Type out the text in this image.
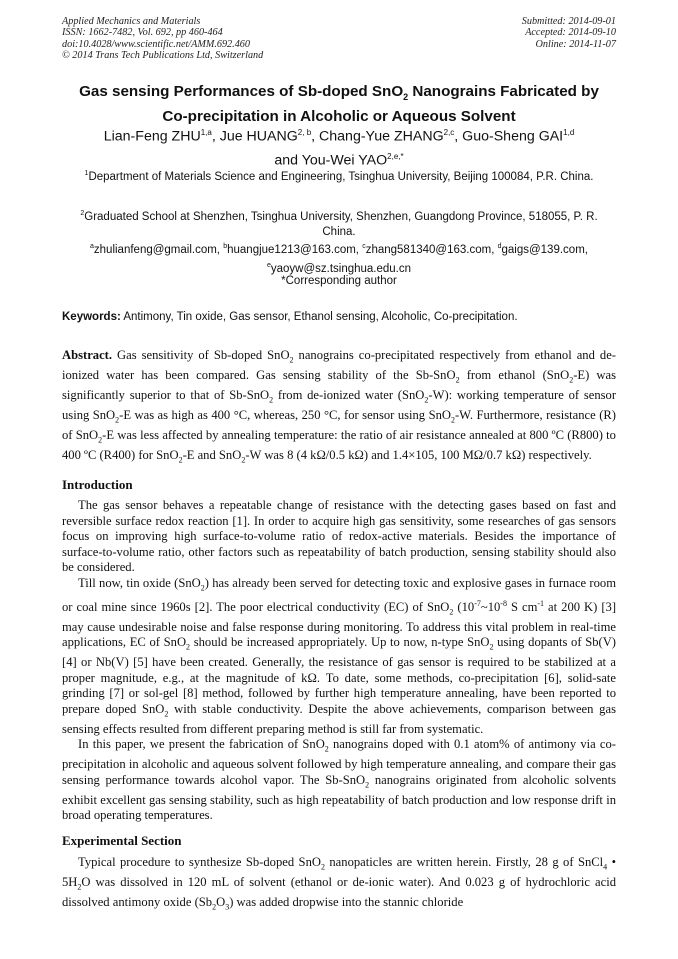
Applied Mechanics and Materials
ISSN: 1662-7482, Vol. 692, pp 460-464
doi:10.4028/www.scientific.net/AMM.692.460
© 2014 Trans Tech Publications Ltd, Switzerland
Submitted: 2014-09-01
Accepted: 2014-09-10
Online: 2014-11-07
Gas sensing Performances of Sb-doped SnO$_2$ Nanograins Fabricated by
Co-precipitation in Alcoholic or Aqueous Solvent
Lian-Feng ZHU$^{1,a}$, Jue HUANG$^{2, b}$, Chang-Yue ZHANG$^{2,c}$, Guo-Sheng GAI$^{1,d}$
and You-Wei $YAO^{2,e,*}$
$^1$Department of Materials Science and Engineering, Tsinghua University, Beijing 100084, P.R. China.
$^2$Graduated School at Shenzhen, Tsinghua University, Shenzhen, Guangdong Province, 518055, P. R. China.
$^a$zhulianfeng@gmail.com, $^b$huangjue1213@163.com, $^c$zhang581340@163.com, $^d$gaigs@139.com,
$^e$yaoyw@sz.tsinghua.edu.cn
*Corresponding author
Keywords: Antimony, Tin oxide, Gas sensor, Ethanol sensing, Alcoholic, Co-precipitation.

Abstract. Gas sensitivity of Sb-doped SnO$_2$ nanograins co-precipitated respectively from ethanol and de-ionized water has been compared. Gas sensing stability of the Sb-SnO$_2$ from ethanol (SnO$_2$-E) was significantly superior to that of Sb-SnO$_2$ from de-ionized water (SnO$_2$-W): working temperature of sensor using SnO$_2$-E was as high as 400 °C, whereas, 250 °C, for sensor using SnO$_2$-W. Furthermore, resistance (R) of SnO$_2$-E was less affected by annealing temperature: the ratio of air resistance annealed at 800 ºC (R800) to 400 ºC (R400) for SnO$_2$-E and SnO$_2$-W was 8 (4 kΩ/0.5 kΩ) and 1.4×105, 100 MΩ/0.7 kΩ) respectively.

Introduction

The gas sensor behaves a repeatable change of resistance with the detecting gases based on fast and reversible surface redox reaction [1]. In order to acquire high gas sensitivity, some researches of gas sensors focus on improving high surface-to-volume ratio of redox-active materials. Besides the importance of surface-to-volume ratio, other factors such as repeatability of batch production, sensing stability should also be considered.

Till now, tin oxide (SnO$_2$) has already been served for detecting toxic and explosive gases in furnace room or coal mine since 1960s [2]. The poor electrical conductivity (EC) of SnO$_2$ ($10^{-7}\sim 10^{-8}$ S $cm^{-1}$ at 200 K) [3] may cause undesirable noise and false response during monitoring. To address this vital problem in real-time applications, EC of SnO$_2$ should be increased appropriately. Up to now, n-type SnO$_2$ using dopants of Sb(V) [4] or Nb(V) [5] have been created. Generally, the resistance of gas sensor is required to be stabilized at a proper magnitude, e.g., at the magnitude of kΩ. To date, some methods, co-precipitation [6], solid-sate grinding [7] or sol-gel [8] method, followed by further high temperature annealing, have been reported to prepare doped SnO$_2$ with stable conductivity. Despite the above achievements, comparison between gas sensing effects resulted from different preparing method is still far from systematic.

In this paper, we present the fabrication of SnO$_2$ nanograins doped with 0.1 atom% of antimony via co-precipitation in alcoholic and aqueous solvent followed by high temperature annealing, and compare their gas sensing performance towards alcohol vapor. The Sb-SnO$_2$ nanograins originated from alcoholic solvents exhibit excellent gas sensing stability, such as high repeatability of batch production and low response drift in broad operating temperatures.

Experimental Section

Typical procedure to synthesize Sb-doped SnO$_2$ nanopaticles are written herein. Firstly, 28 g of SnCl$_4$ • $5H_2O$ was dissolved in 120 mL of solvent (ethanol or de-ionic water). And 0.023 g of hydrochloric acid dissolved antimony oxide $(Sb_2O_3)$ was added dropwise into the stannic chloride
